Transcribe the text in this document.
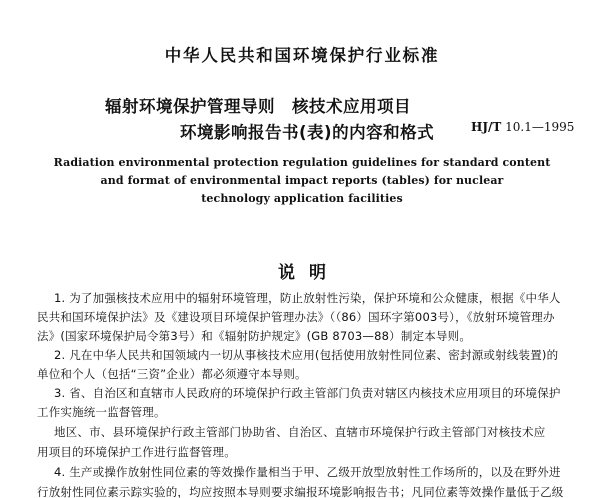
中华人民共和国环境保护行业标准
辐射环境保护管理导则　核技术应用项目
环境影响报告书(表)的内容和格式	HJ/T 10.1—1995
Radiation environmental protection regulation guidelines for standard content
and format of environmental impact reports (tables) for nuclear
technology application facilities
说明
1. 为了加强核技术应用中的辐射环境管理，防止放射性污染，保护环境和公众健康，根据《中华人
民共和国环境保护法》及《建设项目环境保护管理办法》（（86）国环字第003号），《放射环境管理办
法》(国家环境保护局令第3号）和《辐射防护规定》(GB 8703—88）制定本导则。
2. 凡在中华人民共和国领域内一切从事核技术应用(包括使用放射性同位素、密封源或射线装置)的
单位和个人（包括“三资”企业）都必须遵守本导则。
3. 省、自治区和直辖市人民政府的环境保护行政主管部门负责对辖区内核技术应用项目的环境保护
工作实施统一监督管理。
地区、市、县环境保护行政主管部门协助省、自治区、直辖市环境保护行政主管部门对核技术应
用项目的环境保护工作进行监督管理。
4. 生产或操作放射性同位素的等效操作量相当于甲、乙级开放型放射性工作场所的，以及在野外进
行放射性同位素示踪实验的，均应按照本导则要求编报环境影响报告书；凡同位素等效操作量低于乙级
